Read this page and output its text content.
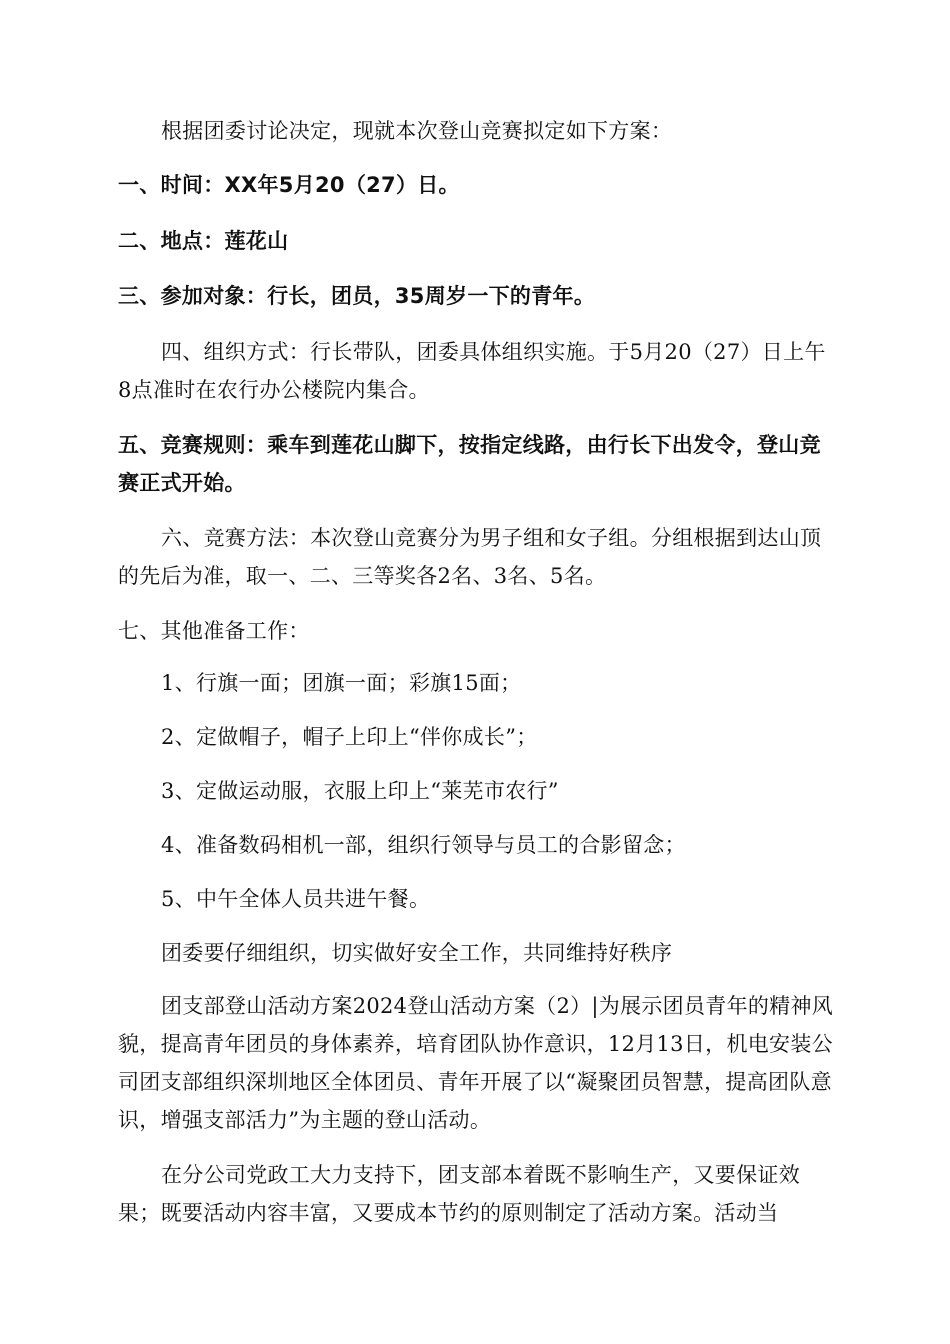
根据团委讨论决定，现就本次登山竞赛拟定如下方案：
一、时间：XX年5月20（27）日。
二、地点：莲花山
三、参加对象：行长，团员，35周岁一下的青年。
四、组织方式：行长带队，团委具体组织实施。于5月20（27）日上午8点准时在农行办公楼院内集合。
五、竞赛规则：乘车到莲花山脚下，按指定线路，由行长下出发令，登山竞赛正式开始。
六、竞赛方法：本次登山竞赛分为男子组和女子组。分组根据到达山顶的先后为准，取一、二、三等奖各2名、3名、5名。
七、其他准备工作：
1、行旗一面；团旗一面；彩旗15面；
2、定做帽子，帽子上印上“伴你成长”；
3、定做运动服，衣服上印上“莱芜市农行”
4、准备数码相机一部，组织行领导与员工的合影留念；
5、中午全体人员共进午餐。
团委要仔细组织，切实做好安全工作，共同维持好秩序
团支部登山活动方案2024登山活动方案（2）|为展示团员青年的精神风貌，提高青年团员的身体素养，培育团队协作意识，12月13日，机电安装公司团支部组织深圳地区全体团员、青年开展了以“凝聚团员智慧，提高团队意识，增强支部活力”为主题的登山活动。
在分公司党政工大力支持下，团支部本着既不影响生产，又要保证效果；既要活动内容丰富，又要成本节约的原则制定了活动方案。活动当
